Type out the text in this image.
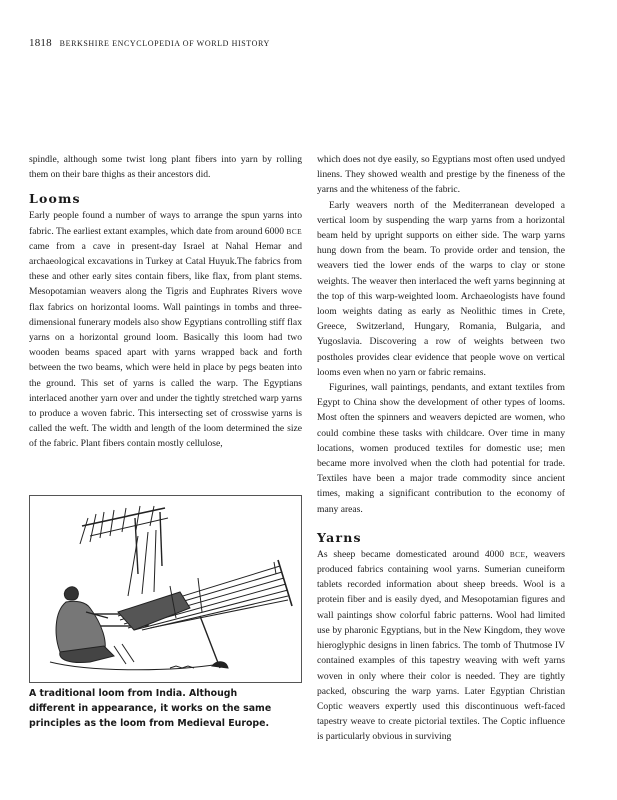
1818 BERKSHIRE ENCYCLOPEDIA OF WORLD HISTORY

spindle, although some twist long plant fibers into yarn by rolling them on their bare thighs as their ancestors did.

Looms

Early people found a number of ways to arrange the spun yarns into fabric. The earliest extant examples, which date from around 6000 BCE came from a cave in present-day Israel at Nahal Hemar and archaeological excavations in Turkey at Catal Huyuk.The fabrics from these and other early sites contain fibers, like flax, from plant stems. Mesopotamian weavers along the Tigris and Euphrates Rivers wove flax fabrics on horizontal looms. Wall paintings in tombs and three-dimensional funerary models also show Egyptians controlling stiff flax yarns on a horizontal ground loom. Basically this loom had two wooden beams spaced apart with yarns wrapped back and forth between the two beams, which were held in place by pegs beaten into the ground. This set of yarns is called the warp. The Egyptians interlaced another yarn over and under the tightly stretched warp yarns to produce a woven fabric. This intersecting set of crosswise yarns is called the weft. The width and length of the loom determined the size of the fabric. Plant fibers contain mostly cellulose,

A traditional loom from India. Although different in appearance, it works on the same principles as the loom from Medieval Europe.

which does not dye easily, so Egyptians most often used undyed linens. They showed wealth and prestige by the fineness of the yarns and the whiteness of the fabric.

Early weavers north of the Mediterranean developed a vertical loom by suspending the warp yarns from a horizontal beam held by upright supports on either side. The warp yarns hung down from the beam. To provide order and tension, the weavers tied the lower ends of the warps to clay or stone weights. The weaver then interlaced the weft yarns beginning at the top of this warp-weighted loom. Archaeologists have found loom weights dating as early as Neolithic times in Crete, Greece, Switzerland, Hungary, Romania, Bulgaria, and Yugoslavia. Discovering a row of weights between two postholes provides clear evidence that people wove on vertical looms even when no yarn or fabric remains.

Figurines, wall paintings, pendants, and extant textiles from Egypt to China show the development of other types of looms. Most often the spinners and weavers depicted are women, who could combine these tasks with childcare. Over time in many locations, women produced textiles for domestic use; men became more involved when the cloth had potential for trade. Textiles have been a major trade commodity since ancient times, making a significant contribution to the economy of many areas.

Yarns

As sheep became domesticated around 4000 BCE, weavers produced fabrics containing wool yarns. Sumerian cuneiform tablets recorded information about sheep breeds. Wool is a protein fiber and is easily dyed, and Mesopotamian figures and wall paintings show colorful fabric patterns. Wool had limited use by pharonic Egyptians, but in the New Kingdom, they wove hieroglyphic designs in linen fabrics. The tomb of Thutmose IV contained examples of this tapestry weaving with weft yarns woven in only where their color is needed. They are tightly packed, obscuring the warp yarns. Later Egyptian Christian Coptic weavers expertly used this discontinuous weft-faced tapestry weave to create pictorial textiles. The Coptic influence is particularly obvious in surviving
